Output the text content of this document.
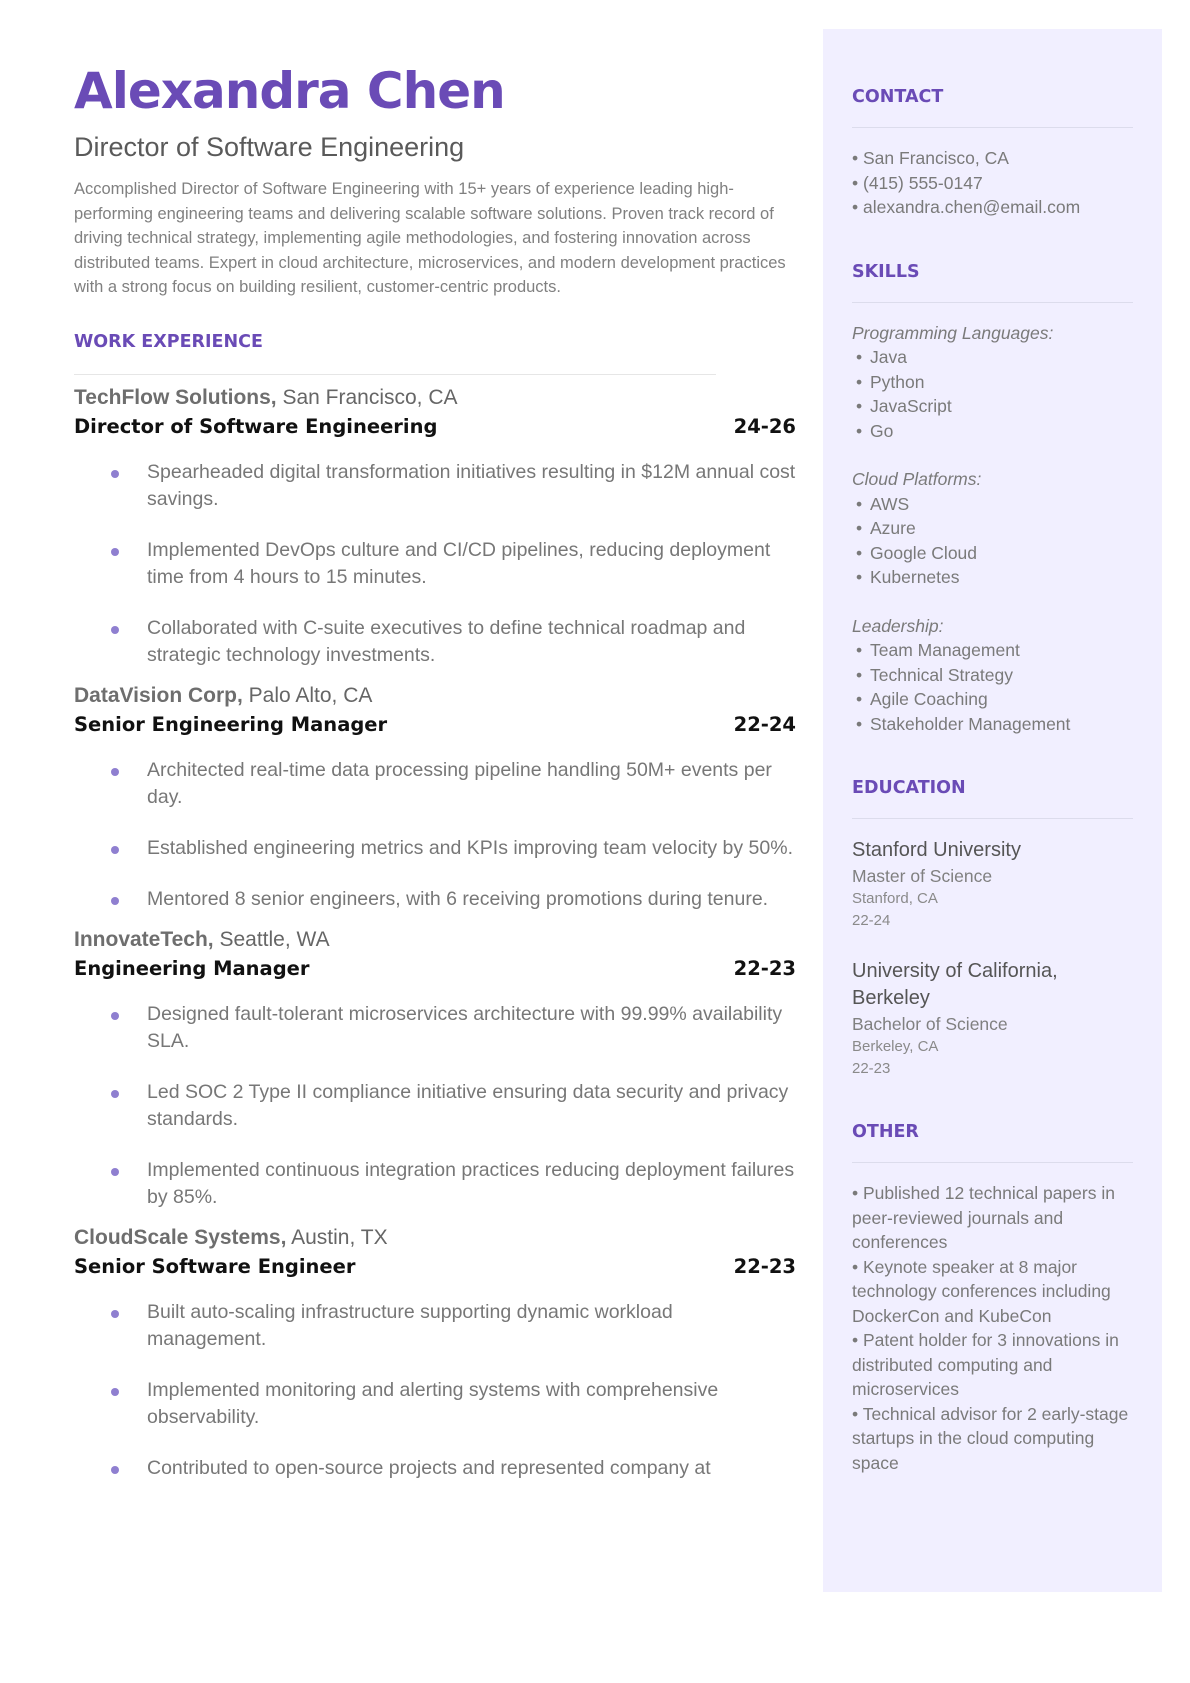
Alexandra Chen
Director of Software Engineering
Accomplished Director of Software Engineering with 15+ years of experience leading high-performing engineering teams and delivering scalable software solutions. Proven track record of driving technical strategy, implementing agile methodologies, and fostering innovation across distributed teams. Expert in cloud architecture, microservices, and modern development practices with a strong focus on building resilient, customer-centric products.
WORK EXPERIENCE
TechFlow Solutions, San Francisco, CA
Director of Software Engineering	24-26
Spearheaded digital transformation initiatives resulting in $12M annual cost savings.
Implemented DevOps culture and CI/CD pipelines, reducing deployment time from 4 hours to 15 minutes.
Collaborated with C-suite executives to define technical roadmap and strategic technology investments.
DataVision Corp, Palo Alto, CA
Senior Engineering Manager	22-24
Architected real-time data processing pipeline handling 50M+ events per day.
Established engineering metrics and KPIs improving team velocity by 50%.
Mentored 8 senior engineers, with 6 receiving promotions during tenure.
InnovateTech, Seattle, WA
Engineering Manager	22-23
Designed fault-tolerant microservices architecture with 99.99% availability SLA.
Led SOC 2 Type II compliance initiative ensuring data security and privacy standards.
Implemented continuous integration practices reducing deployment failures by 85%.
CloudScale Systems, Austin, TX
Senior Software Engineer	22-23
Built auto-scaling infrastructure supporting dynamic workload management.
Implemented monitoring and alerting systems with comprehensive observability.
Contributed to open-source projects and represented company at
CONTACT
• San Francisco, CA
• (415) 555-0147
• alexandra.chen@email.com
SKILLS
Programming Languages:
• Java
• Python
• JavaScript
• Go
Cloud Platforms:
• AWS
• Azure
• Google Cloud
• Kubernetes
Leadership:
• Team Management
• Technical Strategy
• Agile Coaching
• Stakeholder Management
EDUCATION
Stanford University
Master of Science
Stanford, CA
22-24
University of California, Berkeley
Bachelor of Science
Berkeley, CA
22-23
OTHER
• Published 12 technical papers in peer-reviewed journals and conferences
• Keynote speaker at 8 major technology conferences including DockerCon and KubeCon
• Patent holder for 3 innovations in distributed computing and microservices
• Technical advisor for 2 early-stage startups in the cloud computing space
